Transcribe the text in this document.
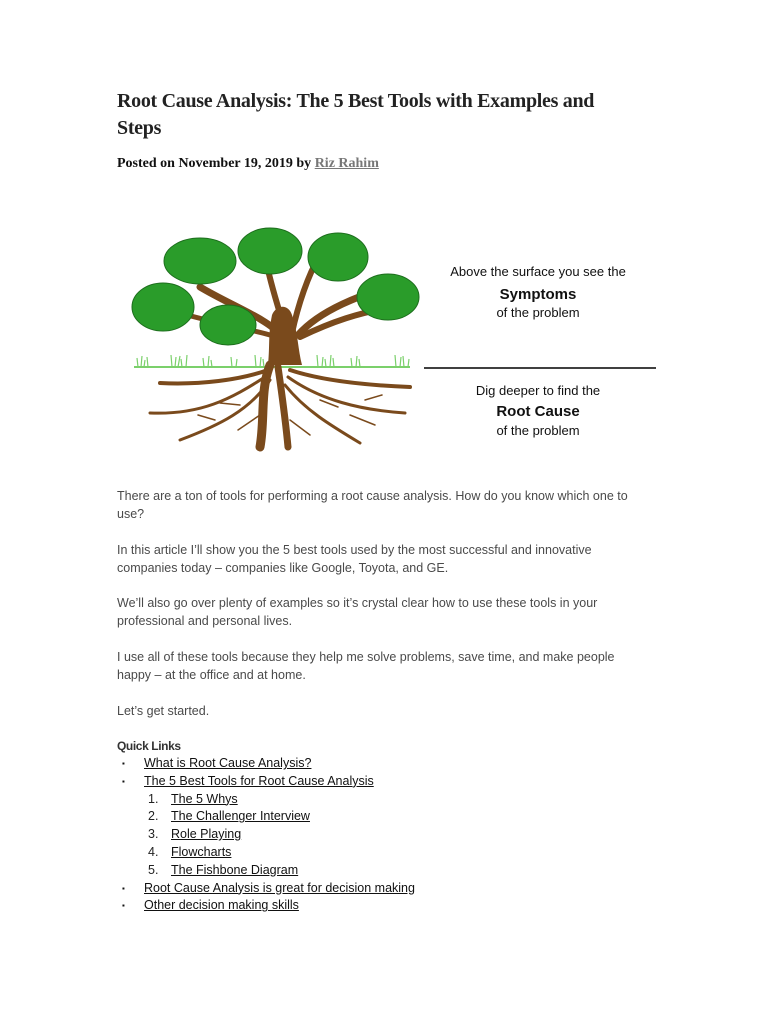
Root Cause Analysis: The 5 Best Tools with Examples and Steps

Posted on November 19, 2019 by Riz Rahim

Above the surface you see the
Symptoms
of the problem
Dig deeper to find the
Root Cause
of the problem

There are a ton of tools for performing a root cause analysis. How do you know which one to use?

In this article I’ll show you the 5 best tools used by the most successful and innovative companies today – companies like Google, Toyota, and GE.

We’ll also go over plenty of examples so it’s crystal clear how to use these tools in your professional and personal lives.

I use all of these tools because they help me solve problems, save time, and make people happy – at the office and at home.

Let’s get started.

Quick Links

▪ What is Root Cause Analysis?
▪ The 5 Best Tools for Root Cause Analysis
1. The 5 Whys
2. The Challenger Interview
3. Role Playing
4. Flowcharts
5. The Fishbone Diagram
▪ Root Cause Analysis is great for decision making
▪ Other decision making skills
